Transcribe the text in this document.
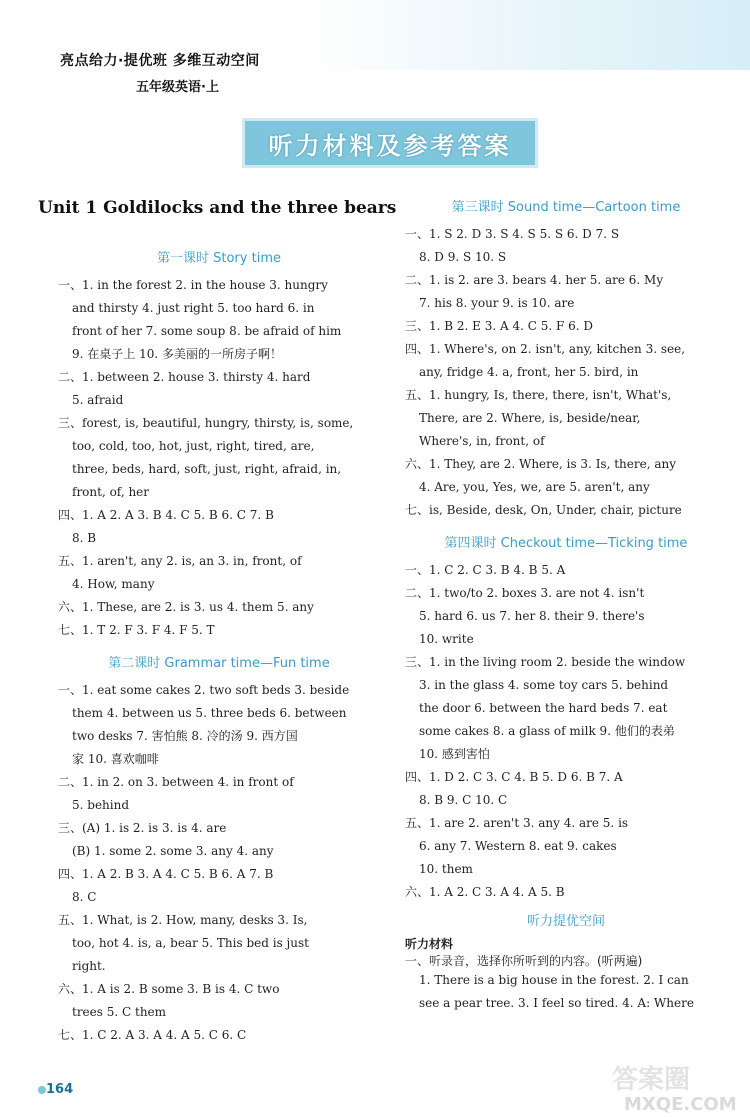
亮点给力·提优班 多维互动空间
五年级英语·上
听力材料及参考答案
Unit 1 Goldilocks and the three bears
第一课时 Story time
一、1. in the forest 2. in the house 3. hungry
and thirsty 4. just right 5. too hard 6. in
front of her 7. some soup 8. be afraid of him
9. 在桌子上 10. 多美丽的一所房子啊！
二、1. between 2. house 3. thirsty 4. hard
5. afraid
三、forest, is, beautiful, hungry, thirsty, is, some,
too, cold, too, hot, just, right, tired, are,
three, beds, hard, soft, just, right, afraid, in,
front, of, her
四、1. A 2. A 3. B 4. C 5. B 6. C 7. B
8. B
五、1. aren't, any 2. is, an 3. in, front, of
4. How, many
六、1. These, are 2. is 3. us 4. them 5. any
七、1. T 2. F 3. F 4. F 5. T
第二课时 Grammar time—Fun time
一、1. eat some cakes 2. two soft beds 3. beside
them 4. between us 5. three beds 6. between
two desks 7. 害怕熊 8. 冷的汤 9. 西方国
家 10. 喜欢咖啡
二、1. in 2. on 3. between 4. in front of
5. behind
三、(A) 1. is 2. is 3. is 4. are
(B) 1. some 2. some 3. any 4. any
四、1. A 2. B 3. A 4. C 5. B 6. A 7. B
8. C
五、1. What, is 2. How, many, desks 3. Is,
too, hot 4. is, a, bear 5. This bed is just
right.
六、1. A is 2. B some 3. B is 4. C two
trees 5. C them
七、1. C 2. A 3. A 4. A 5. C 6. C
第三课时 Sound time—Cartoon time
一、1. S 2. D 3. S 4. S 5. S 6. D 7. S
8. D 9. S 10. S
二、1. is 2. are 3. bears 4. her 5. are 6. My
7. his 8. your 9. is 10. are
三、1. B 2. E 3. A 4. C 5. F 6. D
四、1. Where's, on 2. isn't, any, kitchen 3. see,
any, fridge 4. a, front, her 5. bird, in
五、1. hungry, Is, there, there, isn't, What's,
There, are 2. Where, is, beside/near,
Where's, in, front, of
六、1. They, are 2. Where, is 3. Is, there, any
4. Are, you, Yes, we, are 5. aren't, any
七、is, Beside, desk, On, Under, chair, picture
第四课时 Checkout time—Ticking time
一、1. C 2. C 3. B 4. B 5. A
二、1. two/to 2. boxes 3. are not 4. isn't
5. hard 6. us 7. her 8. their 9. there's
10. write
三、1. in the living room 2. beside the window
3. in the glass 4. some toy cars 5. behind
the door 6. between the hard beds 7. eat
some cakes 8. a glass of milk 9. 他们的表弟
10. 感到害怕
四、1. D 2. C 3. C 4. B 5. D 6. B 7. A
8. B 9. C 10. C
五、1. are 2. aren't 3. any 4. are 5. is
6. any 7. Western 8. eat 9. cakes
10. them
六、1. A 2. C 3. A 4. A 5. B
听力提优空间
听力材料
一、听录音，选择你所听到的内容。(听两遍)
1. There is a big house in the forest. 2. I can
see a pear tree. 3. I feel so tired. 4. A: Where
164	答案圈
MXQE.COM
